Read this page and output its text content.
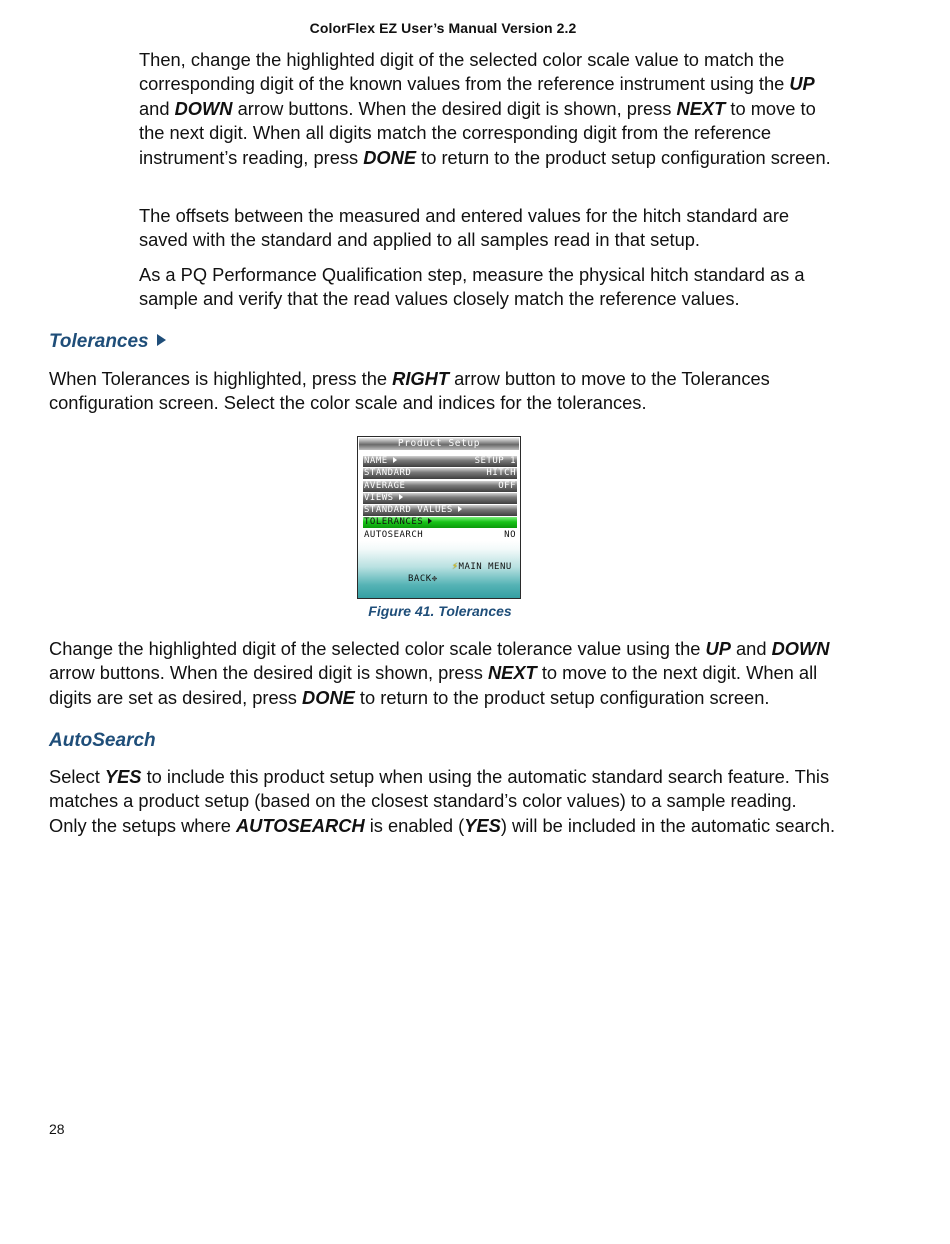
ColorFlex EZ User’s Manual Version 2.2

Then, change the highlighted digit of the selected color scale value to match the corresponding digit of the known values from the reference instrument using the UP and DOWN arrow buttons. When the desired digit is shown, press NEXT to move to the next digit. When all digits match the corresponding digit from the reference instrument’s reading, press DONE to return to the product setup configuration screen.

The offsets between the measured and entered values for the hitch standard are saved with the standard and applied to all samples read in that setup.

As a PQ Performance Qualification step, measure the physical hitch standard as a sample and verify that the read values closely match the reference values.

Tolerances

When Tolerances is highlighted, press the RIGHT arrow button to move to the Tolerances configuration screen. Select the color scale and indices for the tolerances.

Product Setup
NAME	SETUP 1
STANDARD	HITCH
AVERAGE	OFF
VIEWS
STANDARD VALUES
TOLERANCES
AUTOSEARCH	NO
⚡MAIN MENU
BACK✥
Figure 41. Tolerances

Change the highlighted digit of the selected color scale tolerance value using the UP and DOWN arrow buttons. When the desired digit is shown, press NEXT to move to the next digit. When all digits are set as desired, press DONE to return to the product setup configuration screen.

AutoSearch

Select YES to include this product setup when using the automatic standard search feature. This matches a product setup (based on the closest standard’s color values) to a sample reading. Only the setups where AUTOSEARCH is enabled (YES) will be included in the automatic search.

28
